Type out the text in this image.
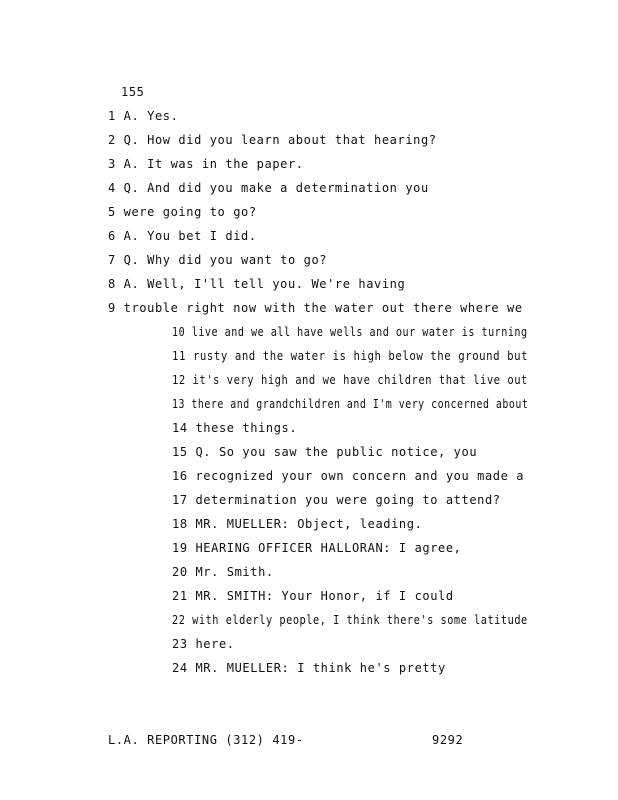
155
1 A. Yes.
2 Q. How did you learn about that hearing?
3 A. It was in the paper.
4 Q. And did you make a determination you
5 were going to go?
6 A. You bet I did.
7 Q. Why did you want to go?
8 A. Well, I'll tell you. We're having
9 trouble right now with the water out there where we
10 live and we all have wells and our water is turning
11 rusty and the water is high below the ground but
12 it's very high and we have children that live out
13 there and grandchildren and I'm very concerned about
14 these things.
15 Q. So you saw the public notice, you
16 recognized your own concern and you made a
17 determination you were going to attend?
18 MR. MUELLER: Object, leading.
19 HEARING OFFICER HALLORAN: I agree,
20 Mr. Smith.
21 MR. SMITH: Your Honor, if I could
22 with elderly people, I think there's some latitude
23 here.
24 MR. MUELLER: I think he's pretty
L.A. REPORTING (312) 419-	9292
